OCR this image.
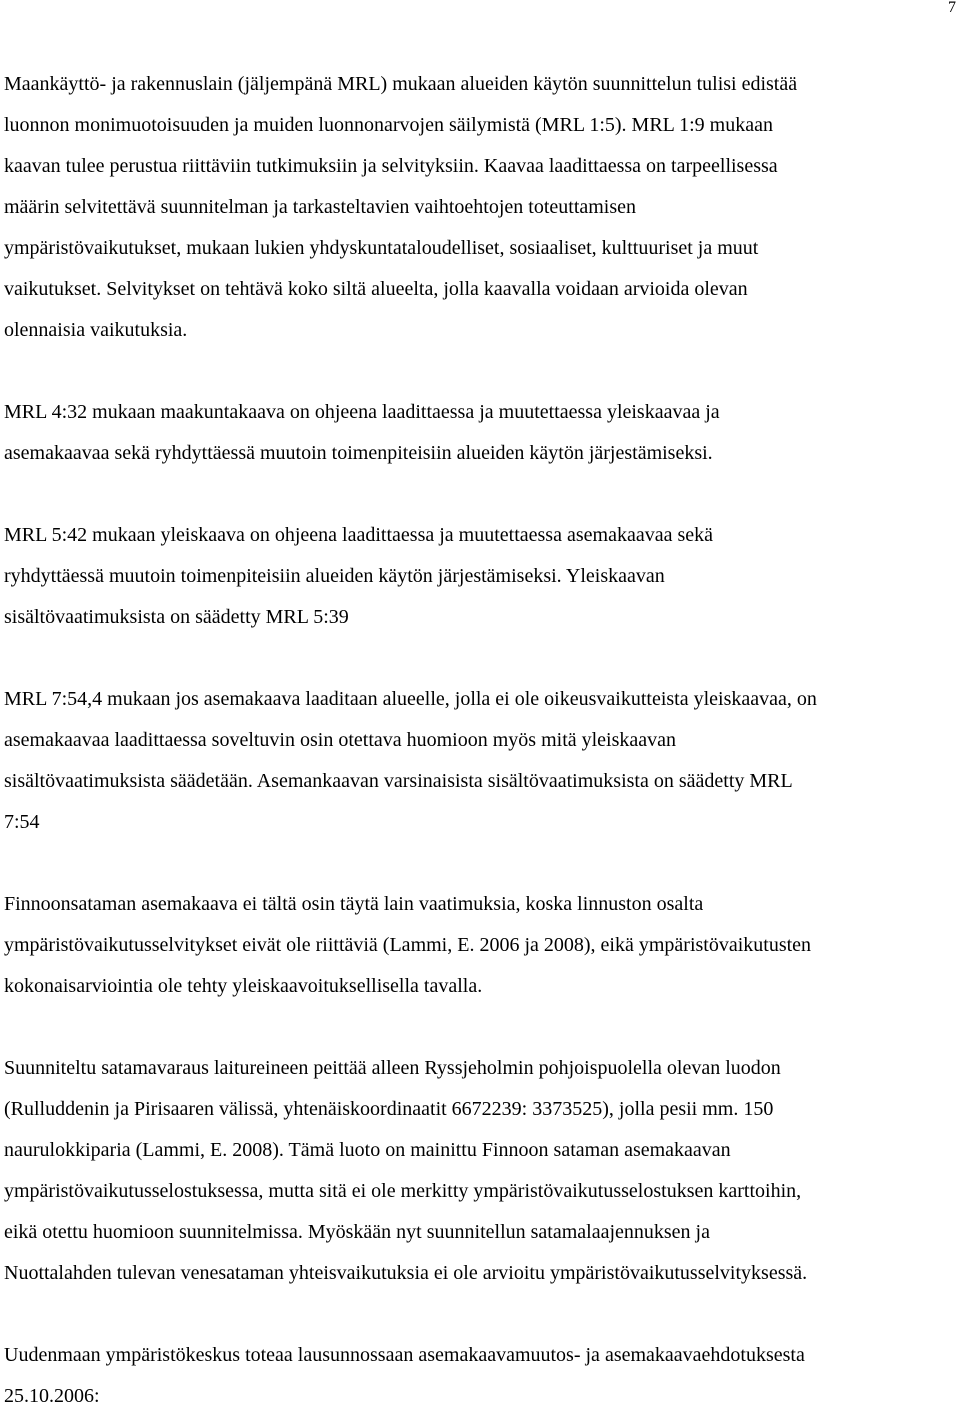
7

Maankäyttö- ja rakennuslain (jäljempänä MRL) mukaan alueiden käytön suunnittelun tulisi edistää
luonnon monimuotoisuuden ja muiden luonnonarvojen säilymistä (MRL 1:5). MRL 1:9 mukaan
kaavan tulee perustua riittäviin tutkimuksiin ja selvityksiin. Kaavaa laadittaessa on tarpeellisessa
määrin selvitettävä suunnitelman ja tarkasteltavien vaihtoehtojen toteuttamisen
ympäristövaikutukset, mukaan lukien yhdyskuntataloudelliset, sosiaaliset, kulttuuriset ja muut
vaikutukset. Selvitykset on tehtävä koko siltä alueelta, jolla kaavalla voidaan arvioida olevan
olennaisia vaikutuksia.

MRL 4:32 mukaan maakuntakaava on ohjeena laadittaessa ja muutettaessa yleiskaavaa ja
asemakaavaa sekä ryhdyttäessä muutoin toimenpiteisiin alueiden käytön järjestämiseksi.

MRL 5:42 mukaan yleiskaava on ohjeena laadittaessa ja muutettaessa asemakaavaa sekä
ryhdyttäessä muutoin toimenpiteisiin alueiden käytön järjestämiseksi. Yleiskaavan
sisältövaatimuksista on säädetty MRL 5:39

MRL 7:54,4 mukaan jos asemakaava laaditaan alueelle, jolla ei ole oikeusvaikutteista yleiskaavaa, on
asemakaavaa laadittaessa soveltuvin osin otettava huomioon myös mitä yleiskaavan
sisältövaatimuksista säädetään. Asemankaavan varsinaisista sisältövaatimuksista on säädetty MRL
7:54

Finnoonsataman asemakaava ei tältä osin täytä lain vaatimuksia, koska linnuston osalta
ympäristövaikutusselvitykset eivät ole riittäviä (Lammi, E. 2006 ja 2008), eikä ympäristövaikutusten
kokonaisarviointia ole tehty yleiskaavoituksellisella tavalla.

Suunniteltu satamavaraus laitureineen peittää alleen Ryssjeholmin pohjoispuolella olevan luodon
(Rulluddenin ja Pirisaaren välissä, yhtenäiskoordinaatit 6672239: 3373525), jolla pesii mm. 150
naurulokkiparia (Lammi, E. 2008). Tämä luoto on mainittu Finnoon sataman asemakaavan
ympäristövaikutusselostuksessa, mutta sitä ei ole merkitty ympäristövaikutusselostuksen karttoihin,
eikä otettu huomioon suunnitelmissa. Myöskään nyt suunnitellun satamalaajennuksen ja
Nuottalahden tulevan venesataman yhteisvaikutuksia ei ole arvioitu ympäristövaikutusselvityksessä.

Uudenmaan ympäristökeskus toteaa lausunnossaan asemakaavamuutos- ja asemakaavaehdotuksesta
25.10.2006:
